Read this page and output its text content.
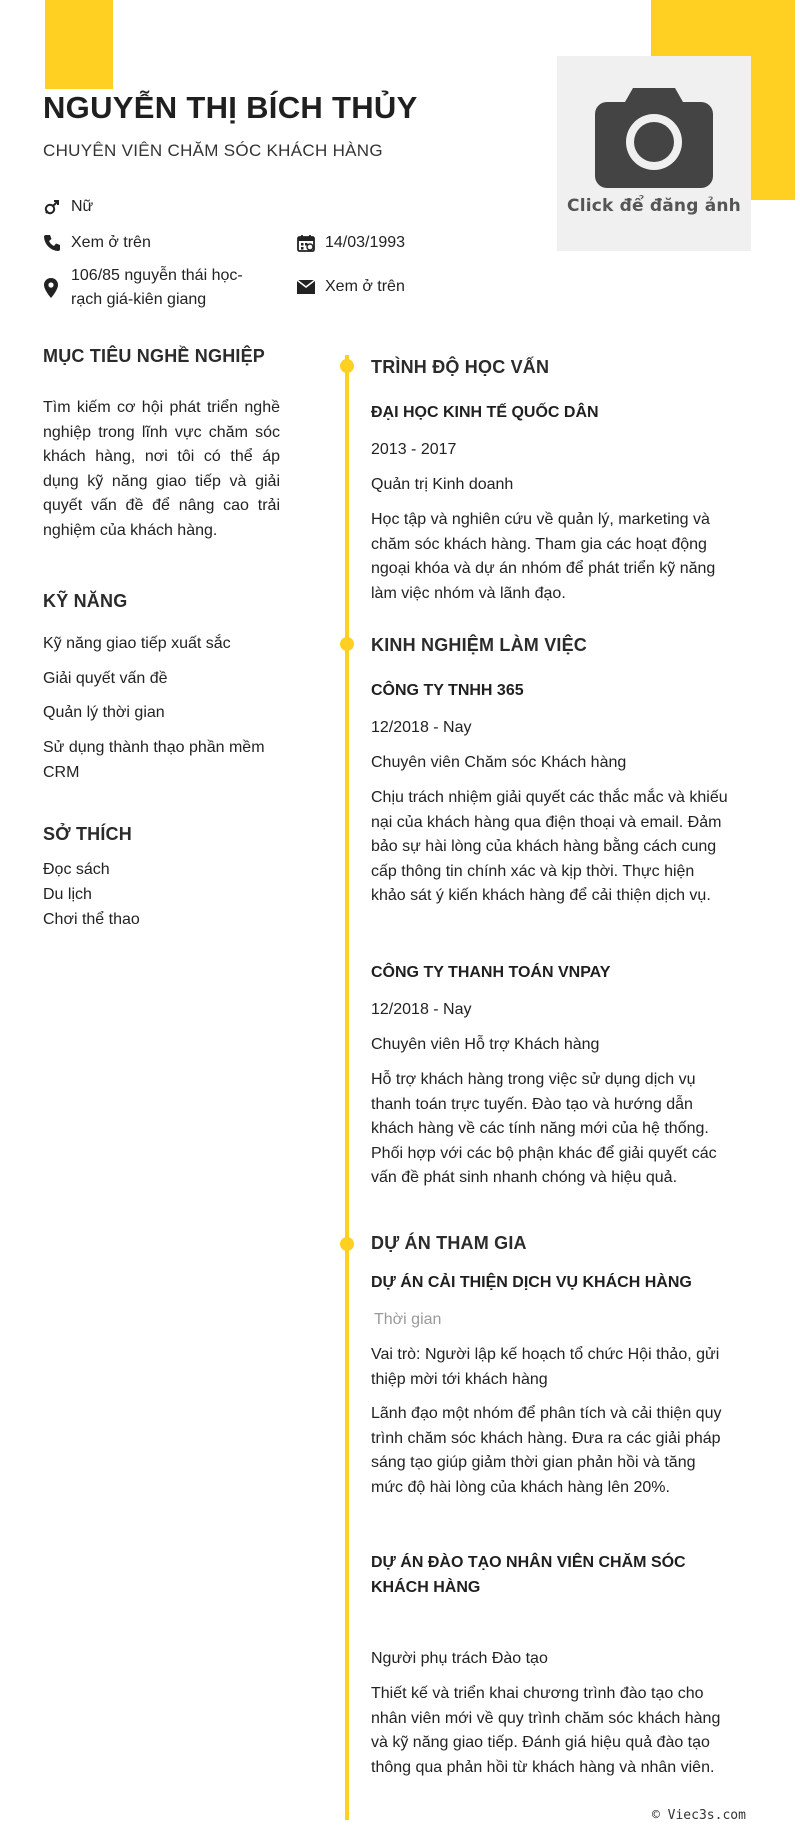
Click để đăng ảnh
NGUYỄN THỊ BÍCH THỦY
CHUYÊN VIÊN CHĂM SÓC KHÁCH HÀNG
Nữ
Xem ở trên	14/03/1993
106/85 nguyễn thái học-rạch giá-kiên giang
Xem ở trên
MỤC TIÊU NGHỀ NGHIỆP
Tìm kiếm cơ hội phát triển nghề nghiệp trong lĩnh vực chăm sóc khách hàng, nơi tôi có thể áp dụng kỹ năng giao tiếp và giải quyết vấn đề để nâng cao trải nghiệm của khách hàng.
KỸ NĂNG
Kỹ năng giao tiếp xuất sắc
Giải quyết vấn đề
Quản lý thời gian
Sử dụng thành thạo phần mềm CRM
SỞ THÍCH
Đọc sách
Du lịch
Chơi thể thao
TRÌNH ĐỘ HỌC VẤN
ĐẠI HỌC KINH TẾ QUỐC DÂN
2013 - 2017
Quản trị Kinh doanh
Học tập và nghiên cứu về quản lý, marketing và chăm sóc khách hàng. Tham gia các hoạt động ngoại khóa và dự án nhóm để phát triển kỹ năng làm việc nhóm và lãnh đạo.
KINH NGHIỆM LÀM VIỆC
CÔNG TY TNHH 365
12/2018 - Nay
Chuyên viên Chăm sóc Khách hàng
Chịu trách nhiệm giải quyết các thắc mắc và khiếu nại của khách hàng qua điện thoại và email. Đảm bảo sự hài lòng của khách hàng bằng cách cung cấp thông tin chính xác và kịp thời. Thực hiện khảo sát ý kiến khách hàng để cải thiện dịch vụ.
CÔNG TY THANH TOÁN VNPAY
12/2018 - Nay
Chuyên viên Hỗ trợ Khách hàng
Hỗ trợ khách hàng trong việc sử dụng dịch vụ thanh toán trực tuyến. Đào tạo và hướng dẫn khách hàng về các tính năng mới của hệ thống. Phối hợp với các bộ phận khác để giải quyết các vấn đề phát sinh nhanh chóng và hiệu quả.
DỰ ÁN THAM GIA
DỰ ÁN CẢI THIỆN DỊCH VỤ KHÁCH HÀNG
Thời gian
Vai trò: Người lập kế hoạch tổ chức Hội thảo, gửi thiệp mời tới khách hàng
Lãnh đạo một nhóm để phân tích và cải thiện quy trình chăm sóc khách hàng. Đưa ra các giải pháp sáng tạo giúp giảm thời gian phản hồi và tăng mức độ hài lòng của khách hàng lên 20%.
DỰ ÁN ĐÀO TẠO NHÂN VIÊN CHĂM SÓC KHÁCH HÀNG
Người phụ trách Đào tạo
Thiết kế và triển khai chương trình đào tạo cho nhân viên mới về quy trình chăm sóc khách hàng và kỹ năng giao tiếp. Đánh giá hiệu quả đào tạo thông qua phản hồi từ khách hàng và nhân viên.
© Viec3s.com
